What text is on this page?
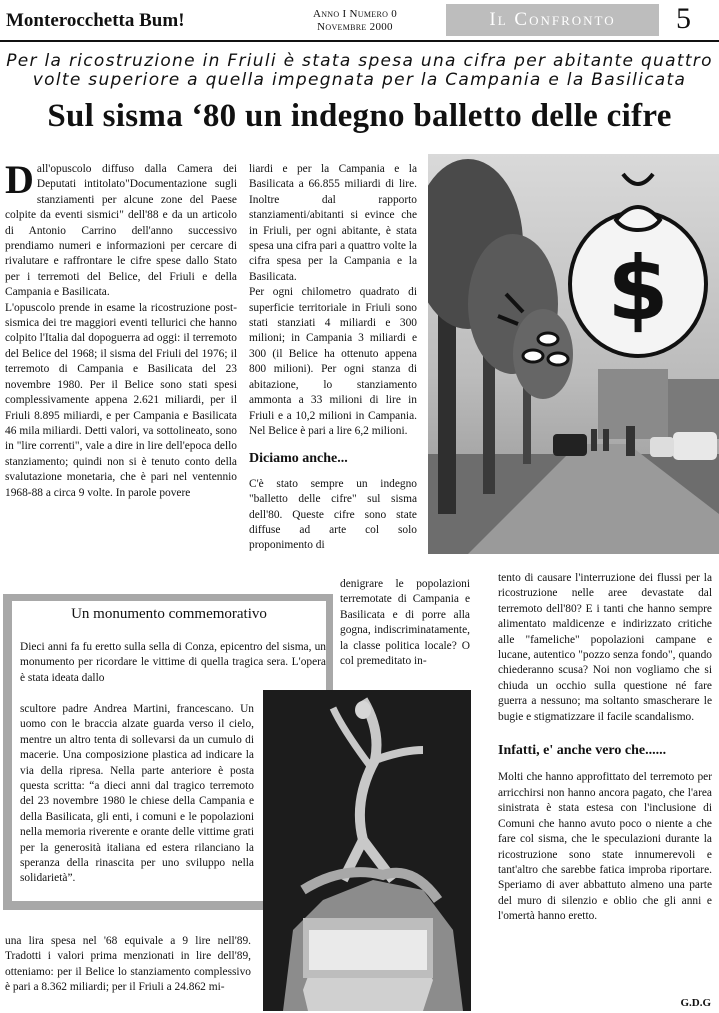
Monterocchetta Bum!	Anno I Numero 0
Novembre 2000	Il Confronto	5
Per la ricostruzione in Friuli è stata spesa una cifra per abitante quattro
volte superiore a quella impegnata per la Campania e la Basilicata
Sul sisma ‘80 un indegno balletto delle cifre

Dall'opuscolo diffuso dalla Camera dei Deputati intitolato"Documentazione sugli stanziamenti per alcune zone del Paese colpite da eventi sismici" dell'88 e da un articolo di Antonio Carrino dell'anno successivo prendiamo numeri e informazioni per cercare di rivalutare e raffrontare le cifre spese dallo Stato per i terremoti del Belice, del Friuli e della Campania e Basilicata.

L'opuscolo prende in esame la ricostruzione post-sismica dei tre maggiori eventi tellurici che hanno colpito l'Italia dal dopoguerra ad oggi: il terremoto del Belice del 1968; il sisma del Friuli del 1976; il terremoto di Campania e Basilicata del 23 novembre 1980. Per il Belice sono stati spesi complessivamente appena 2.621 miliardi, per il Friuli 8.895 miliardi, e per Campania e Basilicata 46 mila miliardi. Detti valori, va sottolineato, sono in "lire correnti", vale a dire in lire dell'epoca dello stanziamento; quindi non si è tenuto conto della svalutazione monetaria, che è pari nel ventennio 1968-88 a circa 9 volte. In parole povere

liardi e per la Campania e la Basilicata a 66.855 miliardi di lire. Inoltre dal rapporto stanziamenti/abitanti si evince che in Friuli, per ogni abitante, è stata spesa una cifra pari a quattro volte la cifra spesa per la Campania e la Basilicata.

Per ogni chilometro quadrato di superficie territoriale in Friuli sono stati stanziati 4 miliardi e 300 milioni; in Campania 3 miliardi e 300 (il Belice ha ottenuto appena 800 milioni). Per ogni stanza di abitazione, lo stanziamento ammonta a 33 milioni di lire in Friuli e a 10,2 milioni in Campania. Nel Belice è pari a lire 6,2 milioni.

Diciamo anche...

C'è stato sempre un indegno "balletto delle cifre" sul sisma dell'80. Queste cifre sono state diffuse ad arte col solo proponimento di

denigrare le popolazioni terremotate di Campania e Basilicata e di porre alla gogna, indiscriminatamente, la classe politica locale? O col premeditato in-

$
Un monumento commemorativo
Dieci anni fa fu eretto sulla sella di Conza, epicentro del sisma, un monumento per ricordare le vittime di quella tragica sera. L'opera è stata ideata dallo
scultore padre Andrea Martini, francescano. Un uomo con le braccia alzate guarda verso il cielo, mentre un altro tenta di sollevarsi da un cumulo di macerie. Una composizione plastica ad indicare la via della ripresa. Nella parte anteriore è posta questa scritta: “a dieci anni dal tragico terremoto del 23 novembre 1980 le chiese della Campania e della Basilicata, gli enti, i comuni e le popolazioni nella memoria riverente e orante delle vittime grati per la generosità italiana ed estera rilanciano la speranza della rinascita per uno sviluppo nella solidarietà”.
una lira spesa nel '68 equivale a 9 lire nell'89. Tradotti i valori prima menzionati in lire dell'89, otteniamo: per il Belice lo stanziamento complessivo è pari a 8.362 miliardi; per il Friuli a 24.862 mi-

tento di causare l'interruzione dei flussi per la ricostruzione nelle aree devastate dal terremoto dell'80? E i tanti che hanno sempre alimentato maldicenze e indirizzato critiche alle "fameliche" popolazioni campane e lucane, autentico "pozzo senza fondo", quando chiederanno scusa? Noi non vogliamo che si chiuda un occhio sulla questione né fare guerra a nessuno; ma soltanto smascherare le bugie e stigmatizzare il facile scandalismo.

Infatti, e' anche vero che......

Molti che hanno approfittato del terremoto per arricchirsi non hanno ancora pagato, che l'area sinistrata è stata estesa con l'inclusione di Comuni che hanno avuto poco o niente a che fare col sisma, che le speculazioni durante la ricostruzione sono state innumerevoli e tant'altro che sarebbe fatica improba riportare. Speriamo di aver abbattuto almeno una parte del muro di silenzio e oblio che gli anni e l'omertà hanno eretto.

G.D.G
